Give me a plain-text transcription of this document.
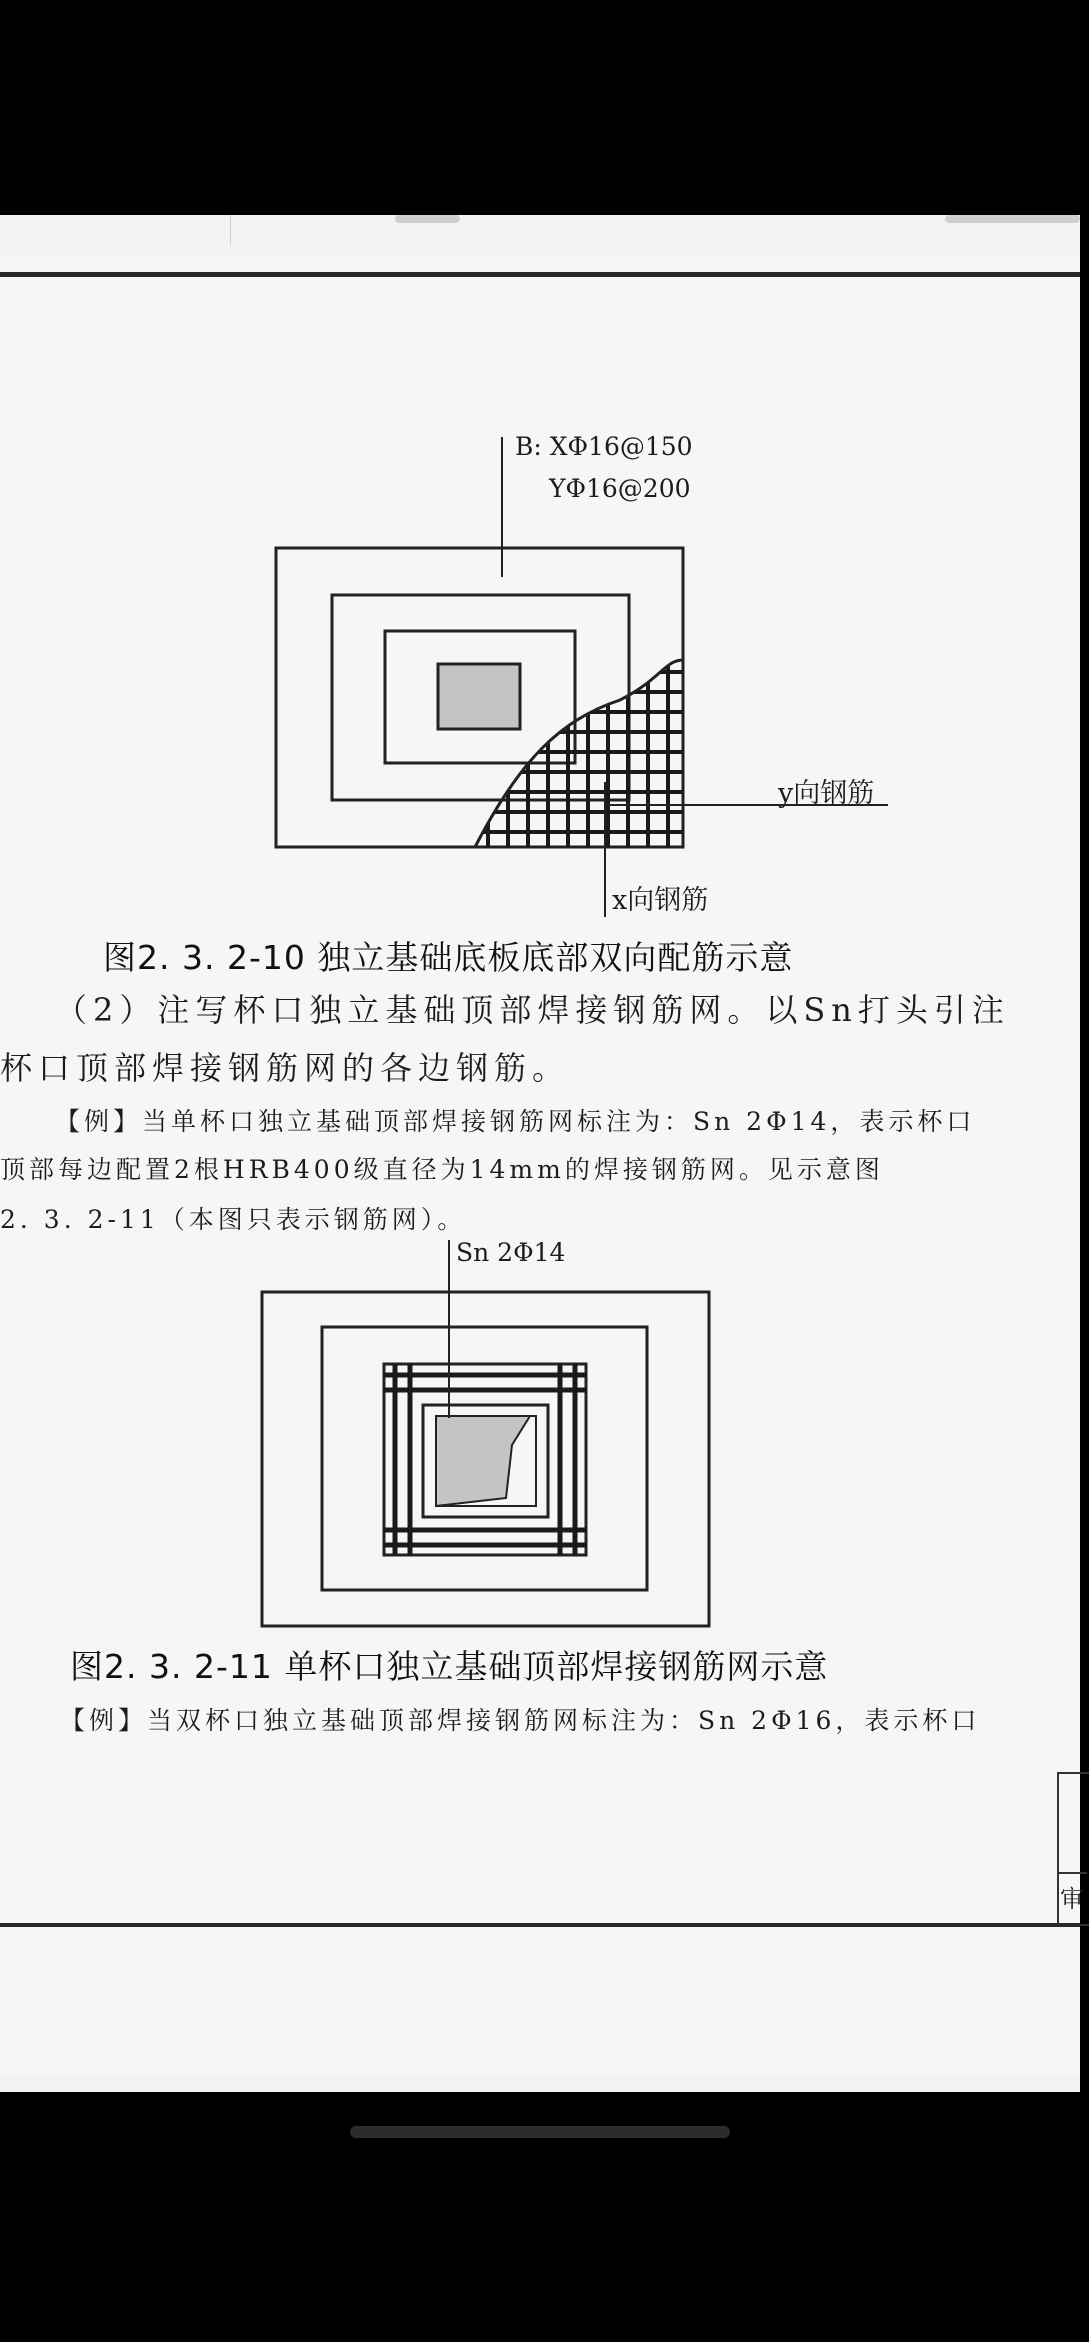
B: XΦ16@150
YΦ16@200
y向钢筋
x向钢筋
图2. 3. 2-10 独立基础底板底部双向配筋示意
（2）注写杯口独立基础顶部焊接钢筋网。以Sn打头引注
杯口顶部焊接钢筋网的各边钢筋。
【例】当单杯口独立基础顶部焊接钢筋网标注为：Sn 2Φ14，表示杯口
顶部每边配置2根HRB400级直径为14mm的焊接钢筋网。见示意图
2. 3. 2-11（本图只表示钢筋网）。
Sn 2Φ14
图2. 3. 2-11 单杯口独立基础顶部焊接钢筋网示意
【例】当双杯口独立基础顶部焊接钢筋网标注为：Sn 2Φ16，表示杯口
审
